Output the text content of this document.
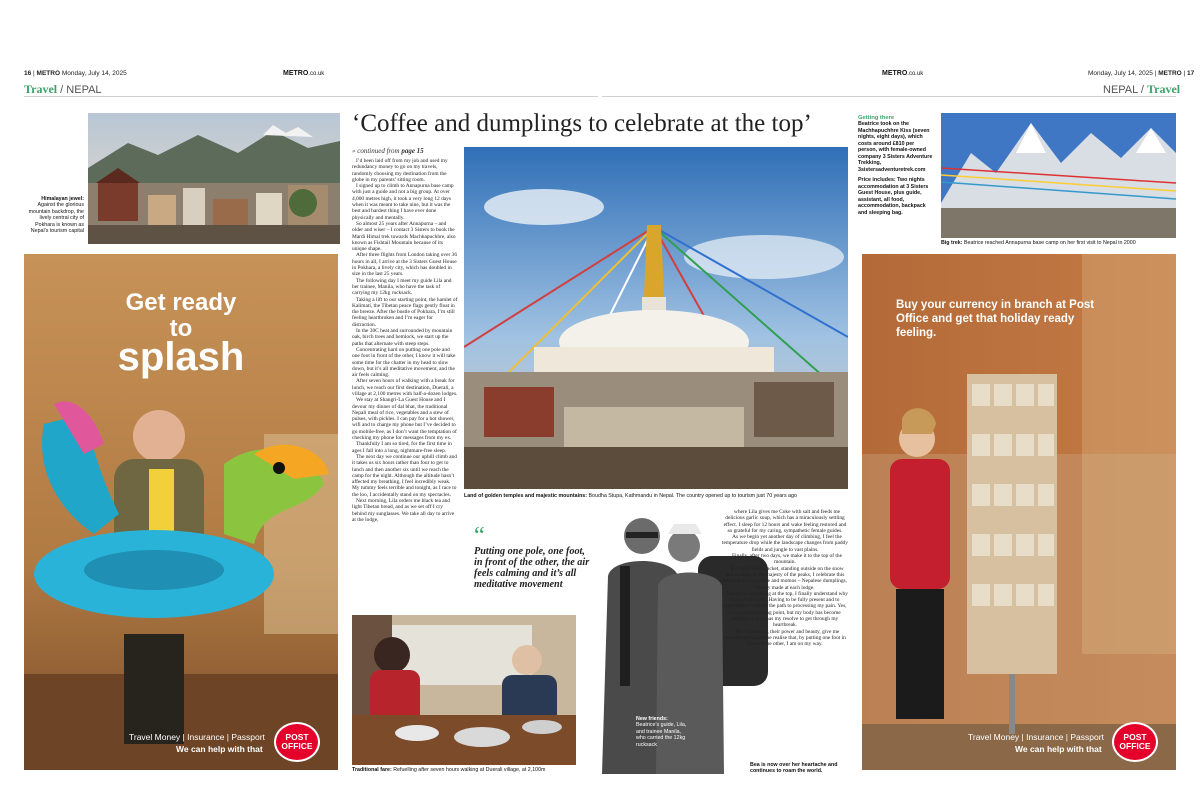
16 | METRO Monday, July 14, 2025	METRO.co.uk	METRO.co.uk	Monday, July 14, 2025 | METRO | 17
Travel / NEPAL	NEPAL / Travel
Himalayan jewel: Against the glorious mountain backdrop, the lively central city of Pokhara is known as Nepal’s tourism capital
Get ready
to
splash
Travel Money | Insurance | Passport
We can help with that
POST
OFFICE
‘Coffee and dumplings to celebrate at the top’
» continued from page 15

I’d been laid off from my job and used my redundancy money to go on my travels, randomly choosing my destination from the globe in my parents’ sitting room.

I signed up to climb to Annapurna base camp with just a guide and not a big group. At over 4,000 metres high, it took a very long 12 days when it was meant to take nine, but it was the best and hardest thing I have ever done physically and mentally.

So almost 25 years after Annapurna – and older and wiser – I contact 3 Sisters to book the Mardi Himal trek towards Machhapuchhre, also known as Fishtail Mountain because of its unique shape.

After three flights from London taking over 36 hours in all, I arrive at the 3 Sisters Guest House in Pokhara, a lively city, which has doubled in size in the last 25 years.

The following day I meet my guide Lila and her trainee, Manila, who have the task of carrying my 12kg rucksack.

Taking a lift to our starting point, the hamlet of Kalimati, the Tibetan peace flags gently float in the breeze. After the bustle of Pokhara, I’m still feeling heartbroken and I’m eager for distraction.

In the 30C heat and surrounded by mountain oak, birch trees and hemlock, we start up the paths that alternate with steep steps.

Concentrating hard on putting one pole and one foot in front of the other, I know it will take some time for the chatter in my head to slow down, but it’s all meditative movement, and the air feels calming.

After seven hours of walking with a break for lunch, we reach our first destination, Duerali, a village at 2,100 metres with half-a-dozen lodges.

We stay at Shangri-La Guest House and I devour my dinner of dal bhat, the traditional Nepali meal of rice, vegetables and a stew of pulses, with pickles. I can pay for a hot shower, wifi and to charge my phone but I’ve decided to go mobile-free, as I don’t want the temptation of checking my phone for messages from my ex.

Thankfully I am so tired, for the first time in ages I fall into a long, nightmare-free sleep.

The next day we continue our uphill climb and it takes us six hours rather than four to get to lunch and then another six until we reach the camp for the night. Although the altitude hasn’t affected my breathing, I feel incredibly weak. My tummy feels terrible and tonight, as I race to the loo, I accidentally stand on my spectacles.

Next morning, Lila orders me black tea and light Tibetan bread, and as we set off I cry behind my sunglasses. We take all day to arrive at the lodge,

Land of golden temples and majestic mountains: Boudha Stupa, Kathmandu in Nepal. The country opened up to tourism just 70 years ago
“
Putting one pole, one foot, in front of the other, the air feels calming and it’s all meditative movement
Traditional fare: Refuelling after seven hours walking at Duerali village, at 2,100m
New friends: Beatrice’s guide, Lila, and trainee Manila, who carried the 12kg rucksack

where Lila gives me Coke with salt and feeds me delicious garlic soup, which has a miraculously settling effect. I sleep for 12 hours and wake feeling restored and so grateful for my caring, sympathetic female guides.

As we begin yet another day of climbing, I feel the temperature drop while the landscape changes from paddy fields and jungle to vast plains.

Finally, after two days, we make it to the top of the mountain.

In a thick down jacket, standing outside on the snow and looking at the majesty of the peaks, I celebrate this moment with a coffee and momos – Nepalese dumplings, freshly made at each lodge.

Taking in everything at the top, I finally understand why I am on this trek. Having to be fully present and to concentrate, I am on the path to processing my pain. Yes, I was near breaking point, but my body has become stronger and so has my resolve to get through my heartbreak.

The Himalayas, their power and beauty, give me strength and make me realise that, by putting one foot in front of the other, I am on my way.

Bea is now over her heartache and continues to roam the world.
Getting there
Beatrice took on the Machhapuchhre Kiss (seven nights, eight days), which costs around £810 per person, with female-owned company 3 Sisters Adventure Trekking, 3sistersadventuretrek.com
Price includes: Two nights accommodation at 3 Sisters Guest House, plus guide, assistant, all food, accommodation, backpack and sleeping bag.
Big trek: Beatrice reached Annapurna base camp on her first visit to Nepal in 2000
Buy your currency in branch at Post Office and get that holiday ready feeling.
Travel Money | Insurance | Passport
We can help with that
POST
OFFICE
